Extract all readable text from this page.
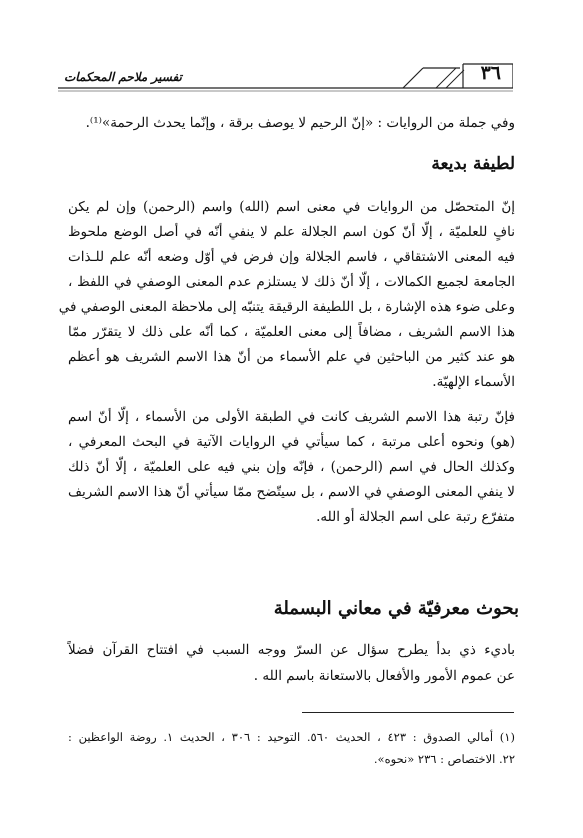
٣٦
تفسير ملاحم المحكمات
وفي جملة من الروايات : «إنّ الرحيم لا يوصف برقة ، وإنّما يحدث الرحمة»⁽¹⁾.
لطيفة بديعة
إنّ المتحصّل من الروايات في معنى اسم (الله) واسم (الرحمن) وإن لم يكن
نافٍ للعلميّة ، إلّا أنّ كون اسم الجلالة علم لا ينفي أنّه في أصل الوضع ملحوظ
فيه المعنى الاشتقاقي ، فاسم الجلالة وإن فرض في أوّل وضعه أنّه علم للـذات
الجامعة لجميع الكمالات ، إلّا أنّ ذلك لا يستلزم عدم المعنى الوصفي في اللفظ ،
وعلى ضوء هذه الإشارة ، بل اللطيفة الرقيقة يتنبّه إلى ملاحظة المعنى الوصفي في
هذا الاسم الشريف ، مضافاً إلى معنى العلميّة ، كما أنّه على ذلك لا يتقرّر ممّا
هو عند كثير من الباحثين في علم الأسماء من أنّ هذا الاسم الشريف هو أعظم
الأسماء الإلهيّة.
فإنّ رتبة هذا الاسم الشريف كانت في الطبقة الأولى من الأسماء ، إلّا أنّ اسم
(هو) ونحوه أعلى مرتبة ، كما سيأتي في الروايات الآتية في البحث المعرفي ،
وكذلك الحال في اسم (الرحمن) ، فإنّه وإن بني فيه على العلميّة ، إلّا أنّ ذلك
لا ينفي المعنى الوصفي في الاسم ، بل سيتّضح ممّا سيأتي أنّ هذا الاسم الشريف
متفرّع رتبة على اسم الجلالة أو الله.
بحوث معرفيّة في معاني البسملة
باديء ذي بدأ يطرح سؤال عن السرّ ووجه السبب في افتتاح القرآن فضلاً
عن عموم الأمور والأفعال بالاستعانة باسم الله .
(١) أمالي الصدوق : ٤٢٣ ، الحديث ٥٦٠. التوحيد : ٣٠٦ ، الحديث ١. روضة الواعظين :
٢٢. الاختصاص : ٢٣٦ «نحوه».
